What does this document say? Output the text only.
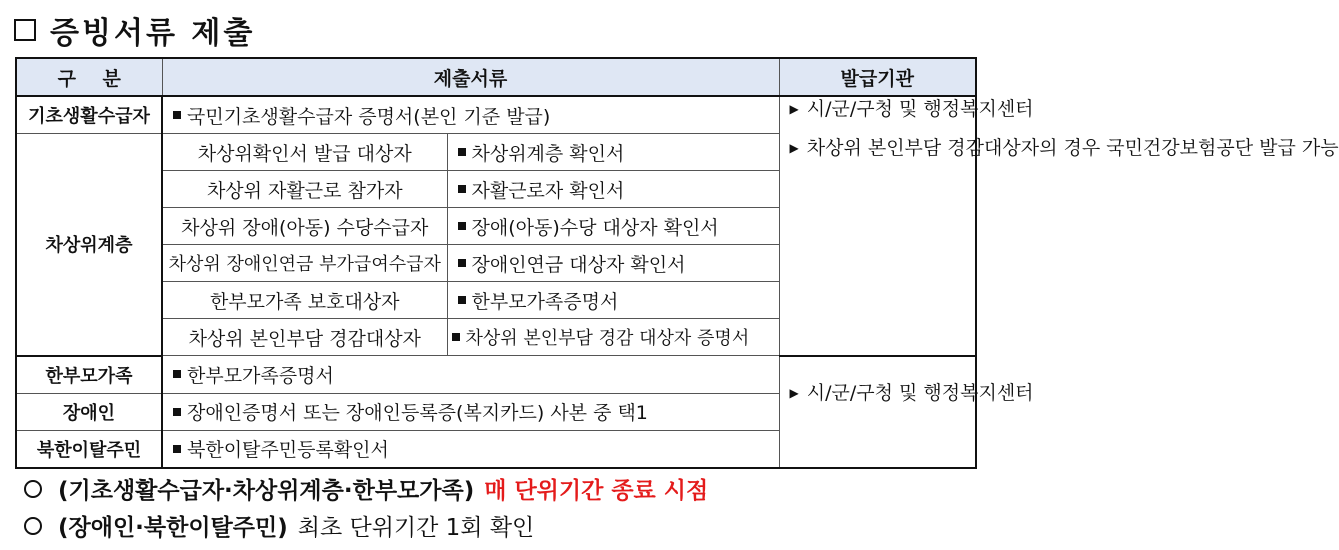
증빙서류 제출
구    분	제출서류		발급기관
기초생활수급자	국민기초생활수급자 증명서(본인 기준 발급)		▶ 시/군/구청 및 행정복지센터
▶ 차상위 본인부담 경감대상자의 경우 국민건강보험공단 발급 가능

차상위계층	차상위확인서 발급 대상자	차상위계층 확인서	
	차상위 자활근로 참가자	자활근로자 확인서	
	차상위 장애(아동) 수당수급자	장애(아동)수당 대상자 확인서	
	차상위 장애인연금 부가급여수급자	장애인연금 대상자 확인서	
	한부모가족 보호대상자	한부모가족증명서	
	차상위 본인부담 경감대상자	차상위 본인부담 경감 대상자 증명서	
한부모가족	한부모가족증명서		▶ 시/군/구청 및 행정복지센터

장애인	장애인증명서 또는 장애인등록증(복지카드) 사본 중 택1		
북한이탈주민	북한이탈주민등록확인서		
(기초생활수급자·차상위계층·한부모가족) 매 단위기간 종료 시점
(장애인·북한이탈주민) 최초 단위기간 1회 확인
